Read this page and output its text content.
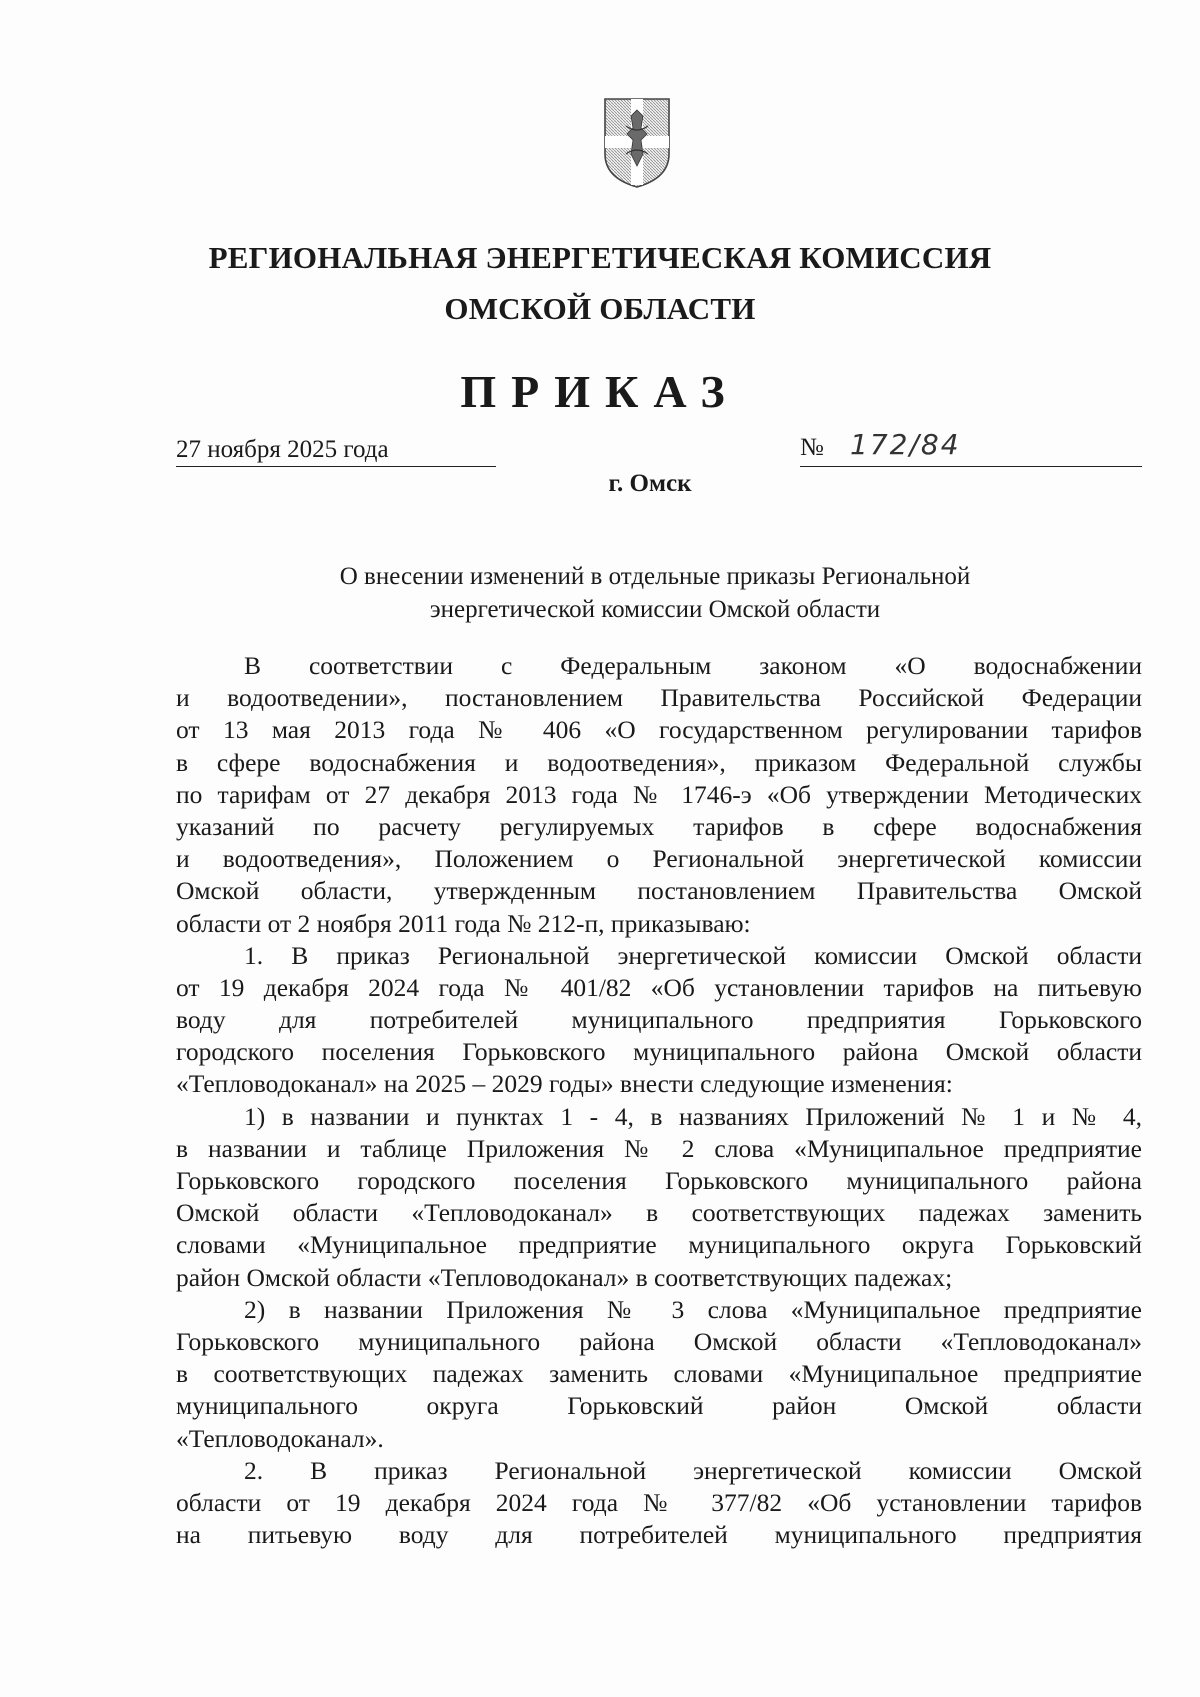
РЕГИОНАЛЬНАЯ ЭНЕРГЕТИЧЕСКАЯ КОМИССИЯ
ОМСКОЙ ОБЛАСТИ
ПРИКАЗ
27 ноября 2025 года	№ 172/84
г. Омск
О внесении изменений в отдельные приказы Региональной
энергетической комиссии Омской области
В соответствии с Федеральным законом «О водоснабжении
и водоотведении», постановлением Правительства Российской Федерации
от 13 мая 2013 года № 406 «О государственном регулировании тарифов
в сфере водоснабжения и водоотведения», приказом Федеральной службы
по тарифам от 27 декабря 2013 года № 1746-э «Об утверждении Методических
указаний по расчету регулируемых тарифов в сфере водоснабжения
и водоотведения», Положением о Региональной энергетической комиссии
Омской области, утвержденным постановлением Правительства Омской
области от 2 ноября 2011 года № 212-п, приказываю:
1. В приказ Региональной энергетической комиссии Омской области
от 19 декабря 2024 года № 401/82 «Об установлении тарифов на питьевую
воду для потребителей муниципального предприятия Горьковского
городского поселения Горьковского муниципального района Омской области
«Тепловодоканал» на 2025 – 2029 годы» внести следующие изменения:
1) в названии и пунктах 1 - 4, в названиях Приложений № 1 и № 4,
в названии и таблице Приложения № 2 слова «Муниципальное предприятие
Горьковского городского поселения Горьковского муниципального района
Омской области «Тепловодоканал» в соответствующих падежах заменить
словами «Муниципальное предприятие муниципального округа Горьковский
район Омской области «Тепловодоканал» в соответствующих падежах;
2) в названии Приложения № 3 слова «Муниципальное предприятие
Горьковского муниципального района Омской области «Тепловодоканал»
в соответствующих падежах заменить словами «Муниципальное предприятие
муниципального округа Горьковский район Омской области
«Тепловодоканал».
2. В приказ Региональной энергетической комиссии Омской
области от 19 декабря 2024 года № 377/82 «Об установлении тарифов
на питьевую воду для потребителей муниципального предприятия
